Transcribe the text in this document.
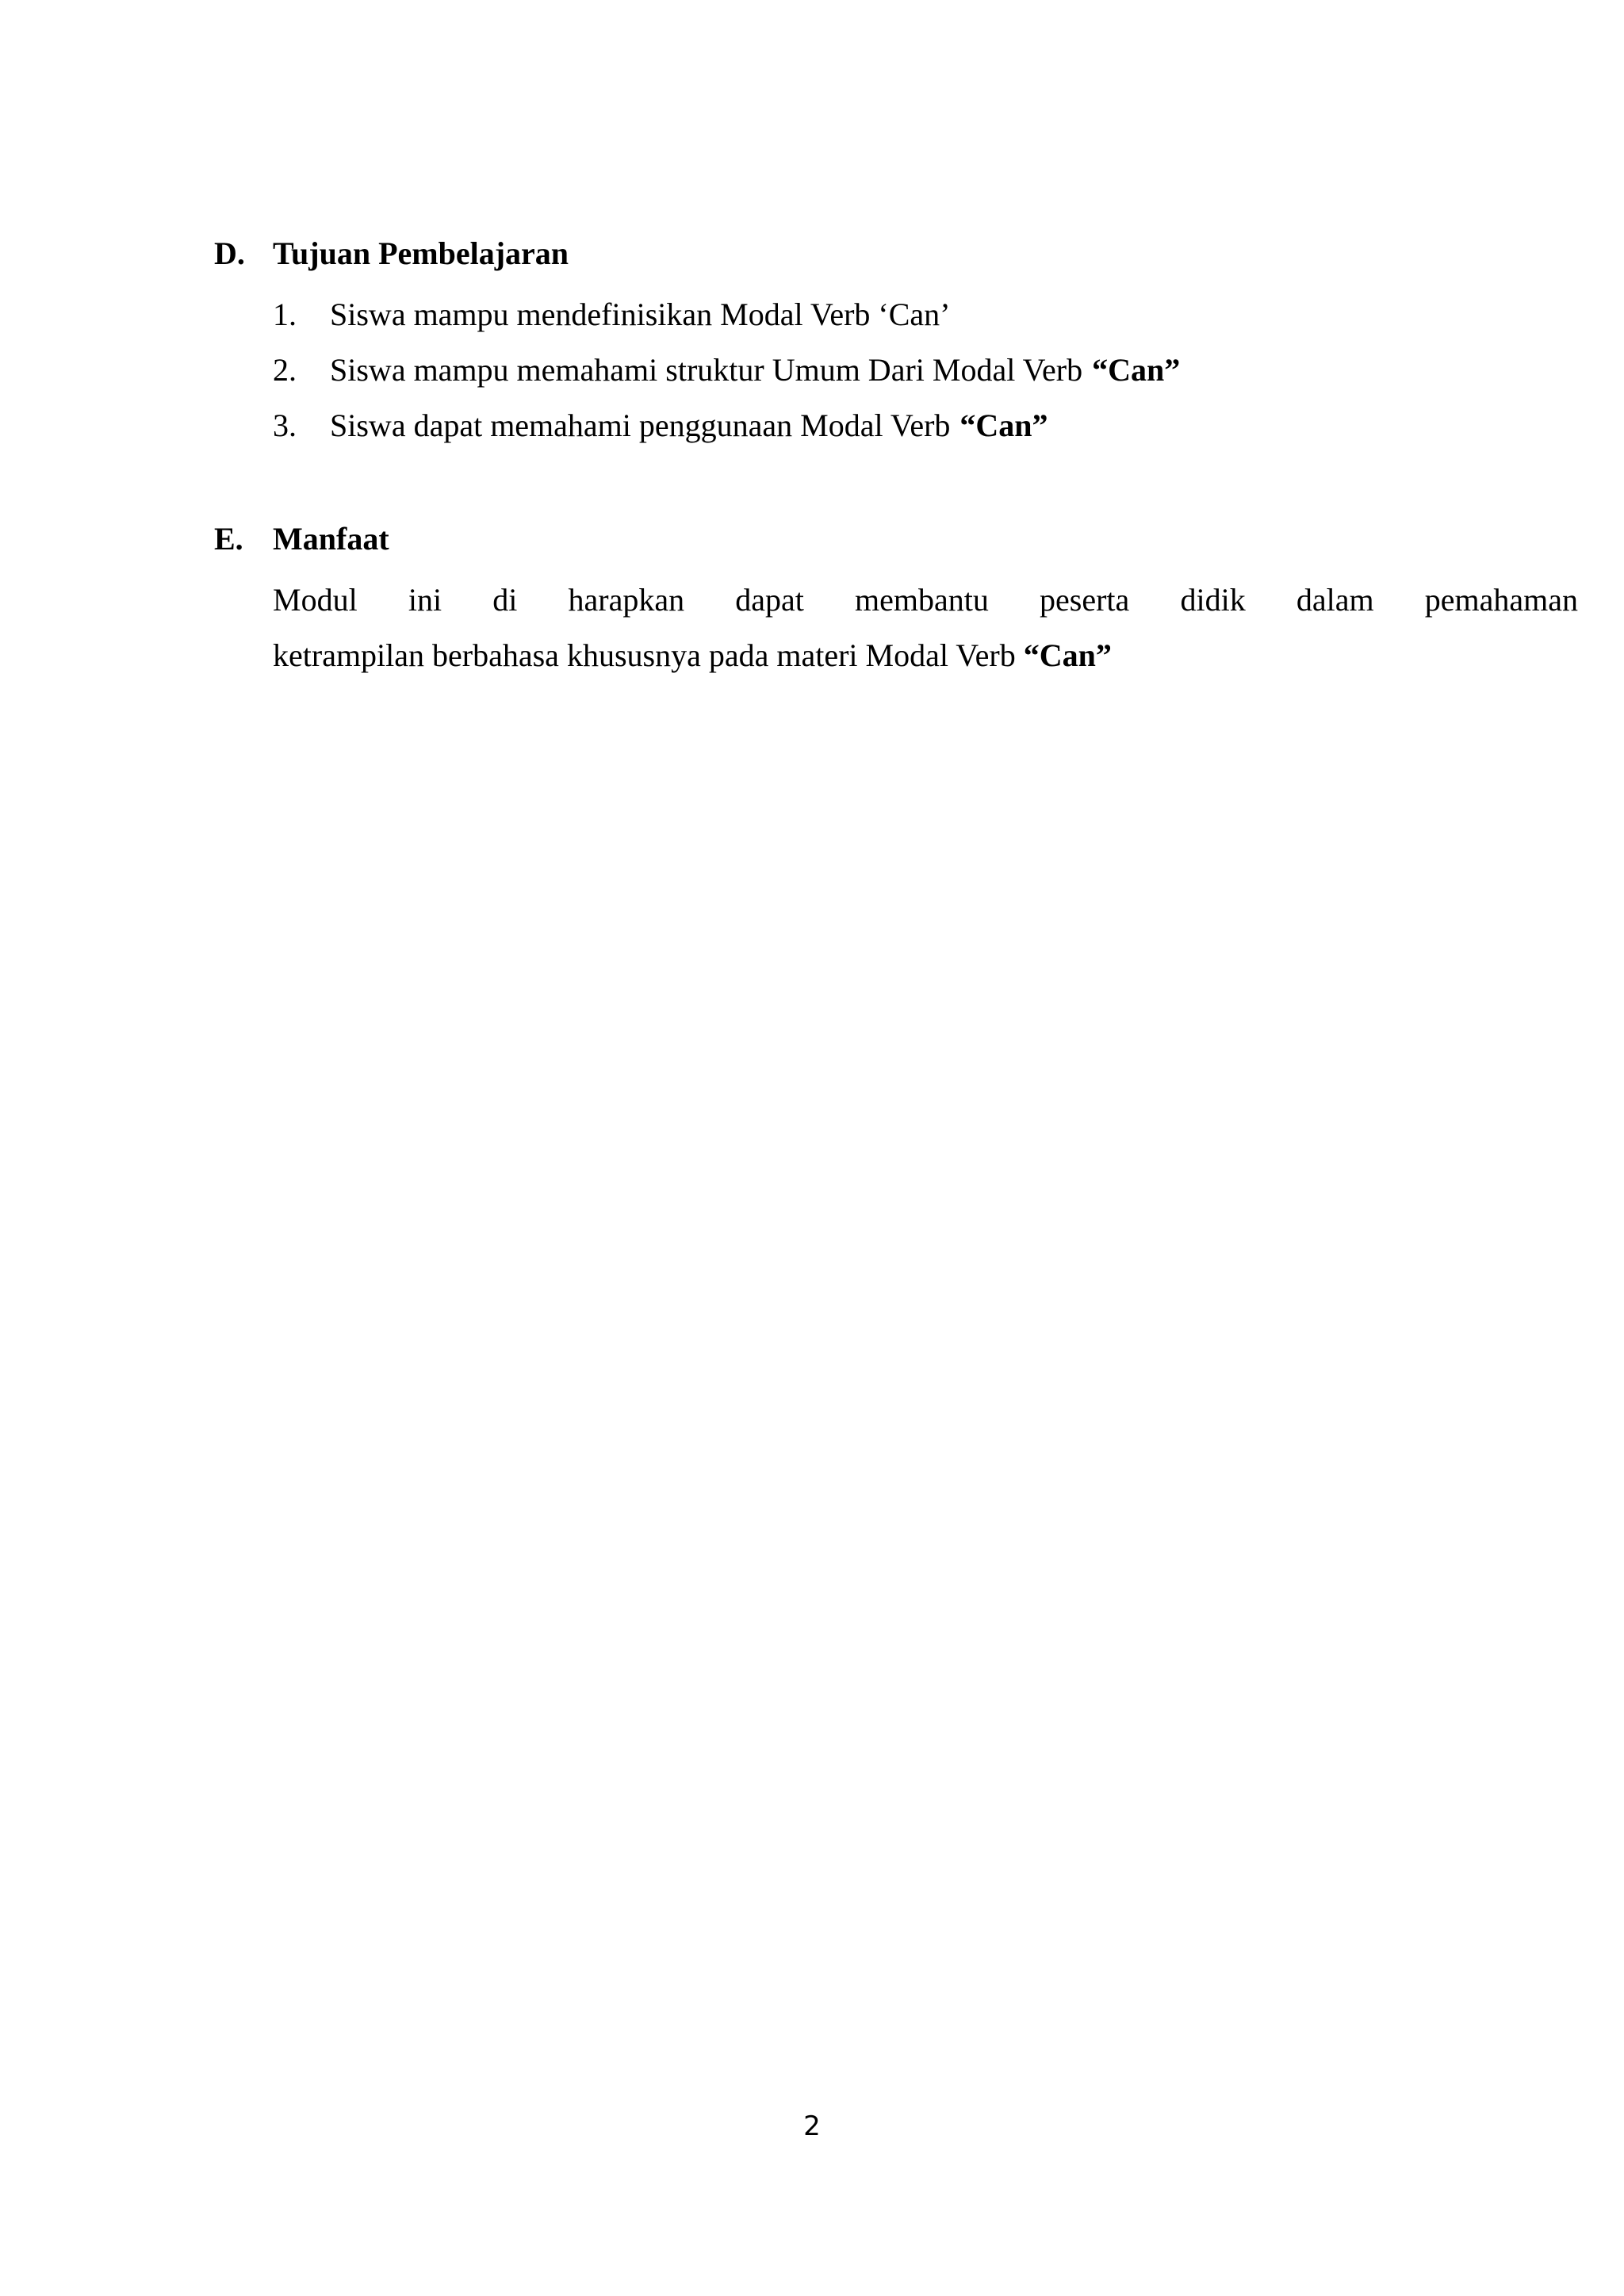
D. Tujuan Pembelajaran
1.	Siswa mampu mendefinisikan Modal Verb ‘Can’
2.	Siswa mampu memahami struktur Umum Dari Modal Verb “Can”
3.	Siswa dapat memahami penggunaan Modal Verb “Can”
E. Manfaat
Modul ini di harapkan dapat membantu peserta didik dalam pemahaman
ketrampilan berbahasa khususnya pada materi Modal Verb “Can”
2
